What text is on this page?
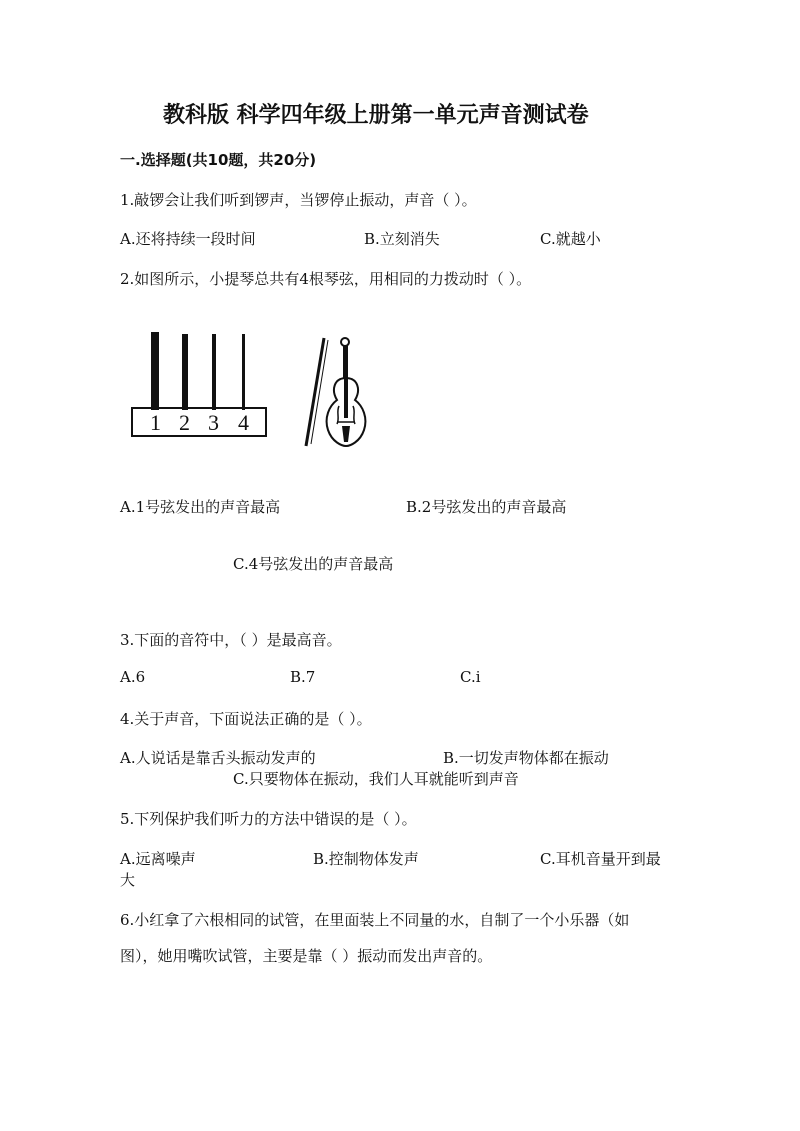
教科版 科学四年级上册第一单元声音测试卷
一.选择题(共10题，共20分)
1.敲锣会让我们听到锣声，当锣停止振动，声音（ ）。
A.还将持续一段时间	B.立刻消失	C.就越小
2.如图所示，小提琴总共有4根琴弦，用相同的力拨动时（ ）。
1 2 3 4
A.1号弦发出的声音最高	B.2号弦发出的声音最高
C.4号弦发出的声音最高
3.下面的音符中，（ ）是最高音。
A.6	B.7	C.i
4.关于声音，下面说法正确的是（ ）。
A.人说话是靠舌头振动发声的	B.一切发声物体都在振动
C.只要物体在振动，我们人耳就能听到声音
5.下列保护我们听力的方法中错误的是（ ）。
A.远离噪声	B.控制物体发声	C.耳机音量开到最
大
6.小红拿了六根相同的试管，在里面装上不同量的水，自制了一个小乐器（如
图），她用嘴吹试管，主要是靠（ ）振动而发出声音的。
